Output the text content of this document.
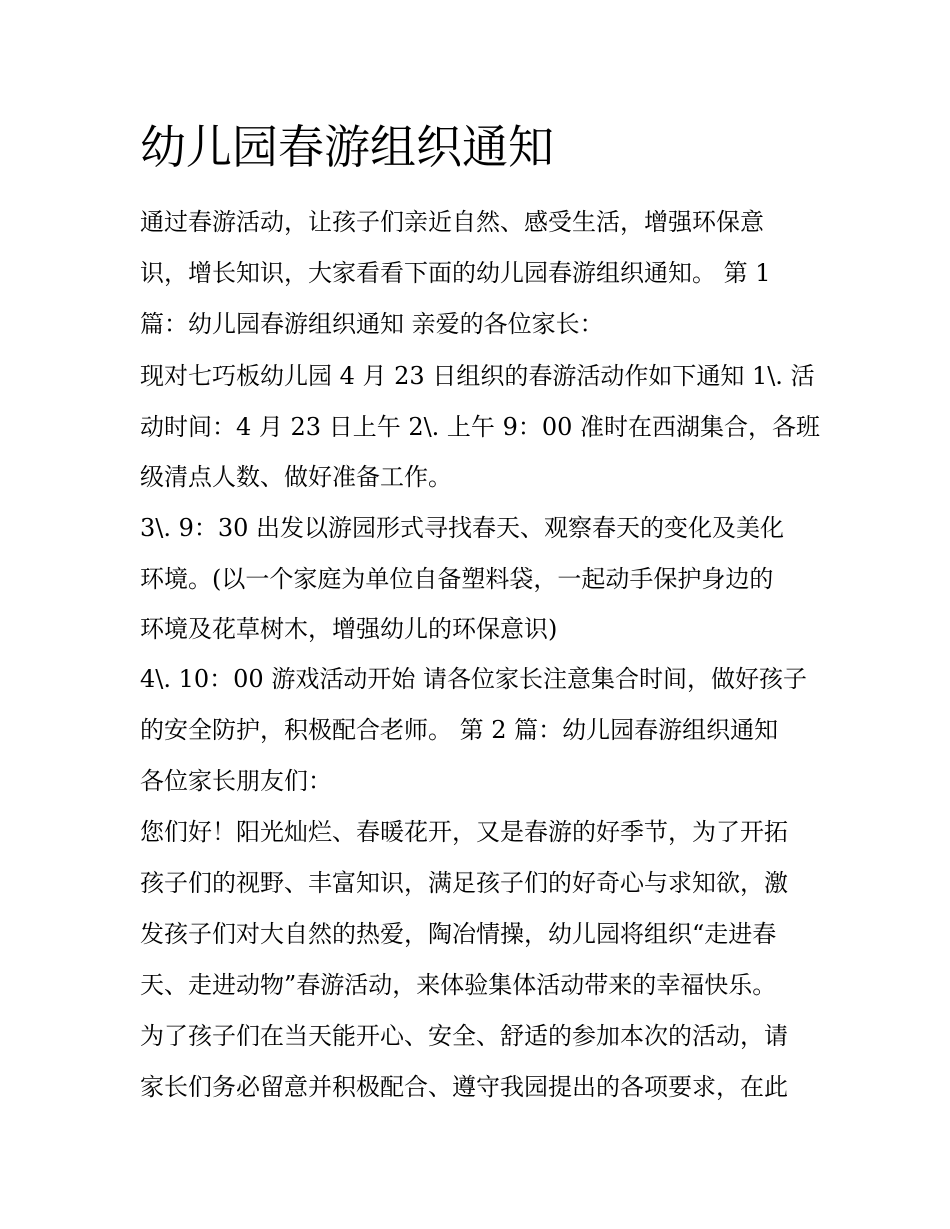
幼儿园春游组织通知

通过春游活动，让孩子们亲近自然、感受生活，增强环保意

识，增长知识，大家看看下面的幼儿园春游组织通知。 第 1

篇：幼儿园春游组织通知 亲爱的各位家长：

现对七巧板幼儿园 4 月 23 日组织的春游活动作如下通知 1\. 活

动时间：4 月 23 日上午 2\. 上午 9：00 准时在西湖集合，各班

级清点人数、做好准备工作。

3\. 9：30 出发以游园形式寻找春天、观察春天的变化及美化

环境。(以一个家庭为单位自备塑料袋，一起动手保护身边的

环境及花草树木，增强幼儿的环保意识)

4\. 10：00 游戏活动开始 请各位家长注意集合时间，做好孩子

的安全防护，积极配合老师。 第 2 篇：幼儿园春游组织通知

各位家长朋友们：

您们好！阳光灿烂、春暖花开，又是春游的好季节，为了开拓

孩子们的视野、丰富知识，满足孩子们的好奇心与求知欲，激

发孩子们对大自然的热爱，陶冶情操，幼儿园将组织“走进春

天、走进动物”春游活动，来体验集体活动带来的幸福快乐。

为了孩子们在当天能开心、安全、舒适的参加本次的活动，请

家长们务必留意并积极配合、遵守我园提出的各项要求，在此
